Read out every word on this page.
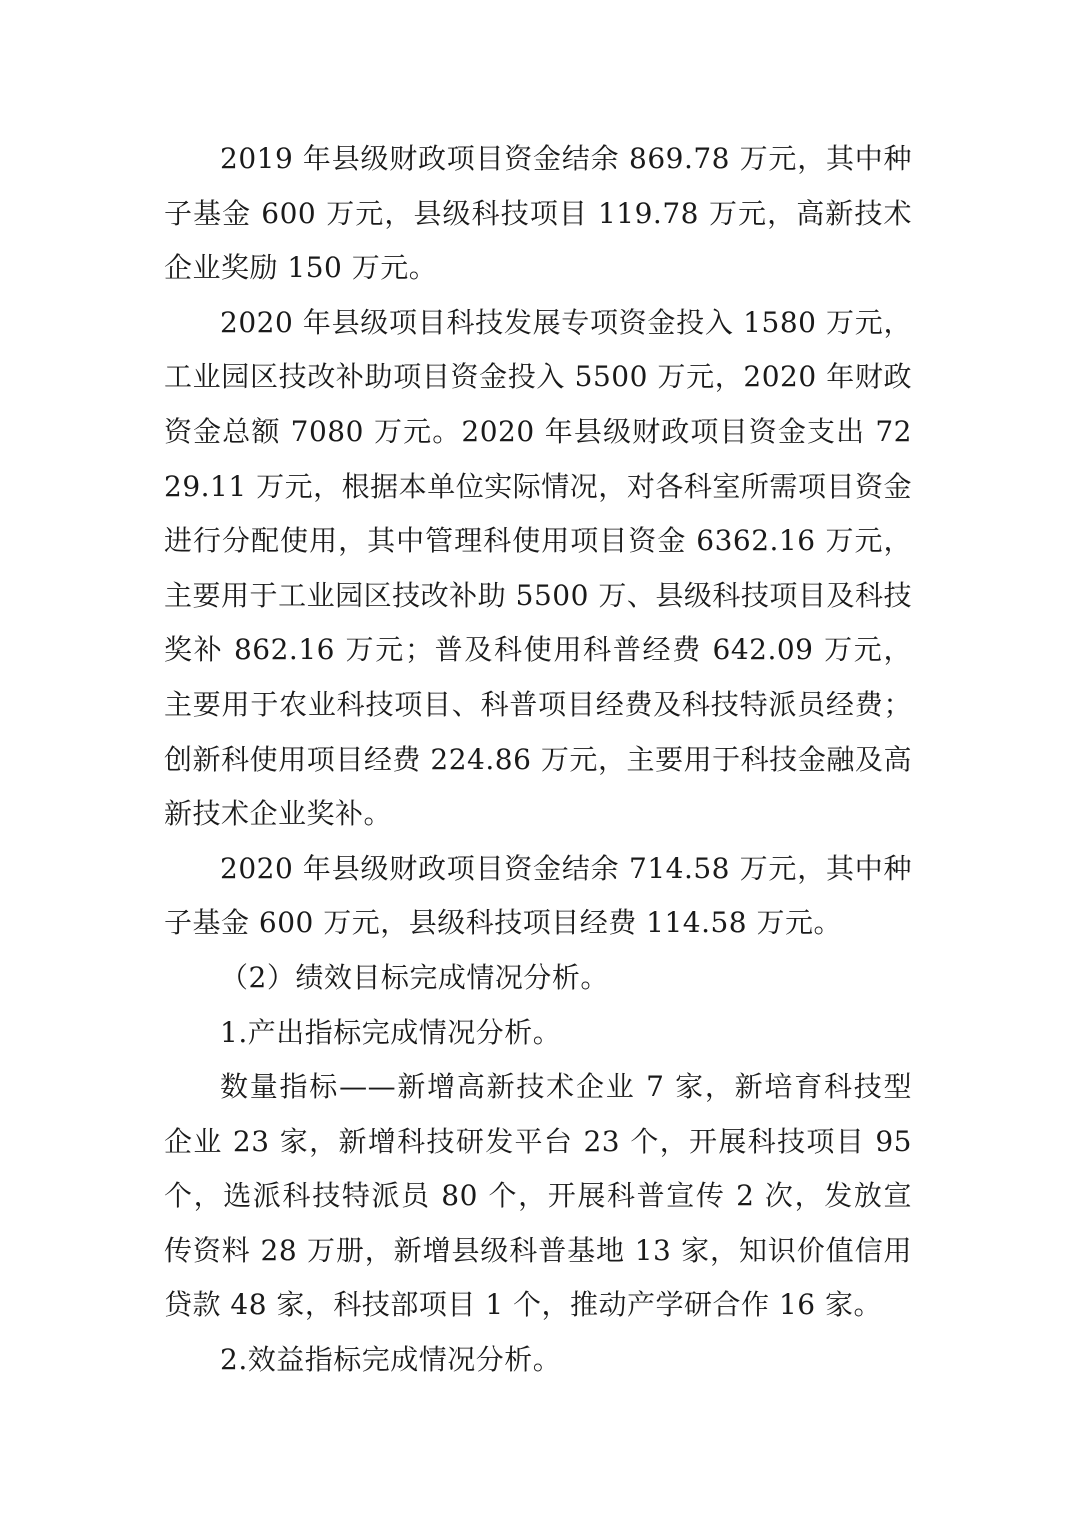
2019 年县级财政项目资金结余 869.78 万元，其中种子基金 600 万元，县级科技项目 119.78 万元，高新技术企业奖励 150 万元。

2020 年县级项目科技发展专项资金投入 1580 万元，工业园区技改补助项目资金投入 5500 万元，2020 年财政资金总额 7080 万元。2020 年县级财政项目资金支出 7229.11 万元，根据本单位实际情况，对各科室所需项目资金进行分配使用，其中管理科使用项目资金 6362.16 万元，主要用于工业园区技改补助 5500 万、县级科技项目及科技奖补 862.16 万元；普及科使用科普经费 642.09 万元，主要用于农业科技项目、科普项目经费及科技特派员经费；创新科使用项目经费 224.86 万元，主要用于科技金融及高新技术企业奖补。

2020 年县级财政项目资金结余 714.58 万元，其中种子基金 600 万元，县级科技项目经费 114.58 万元。

（2）绩效目标完成情况分析。

1.产出指标完成情况分析。

数量指标——新增高新技术企业 7 家，新培育科技型企业 23 家，新增科技研发平台 23 个，开展科技项目 95 个，选派科技特派员 80 个，开展科普宣传 2 次，发放宣传资料 28 万册，新增县级科普基地 13 家，知识价值信用贷款 48 家，科技部项目 1 个，推动产学研合作 16 家。

2.效益指标完成情况分析。
